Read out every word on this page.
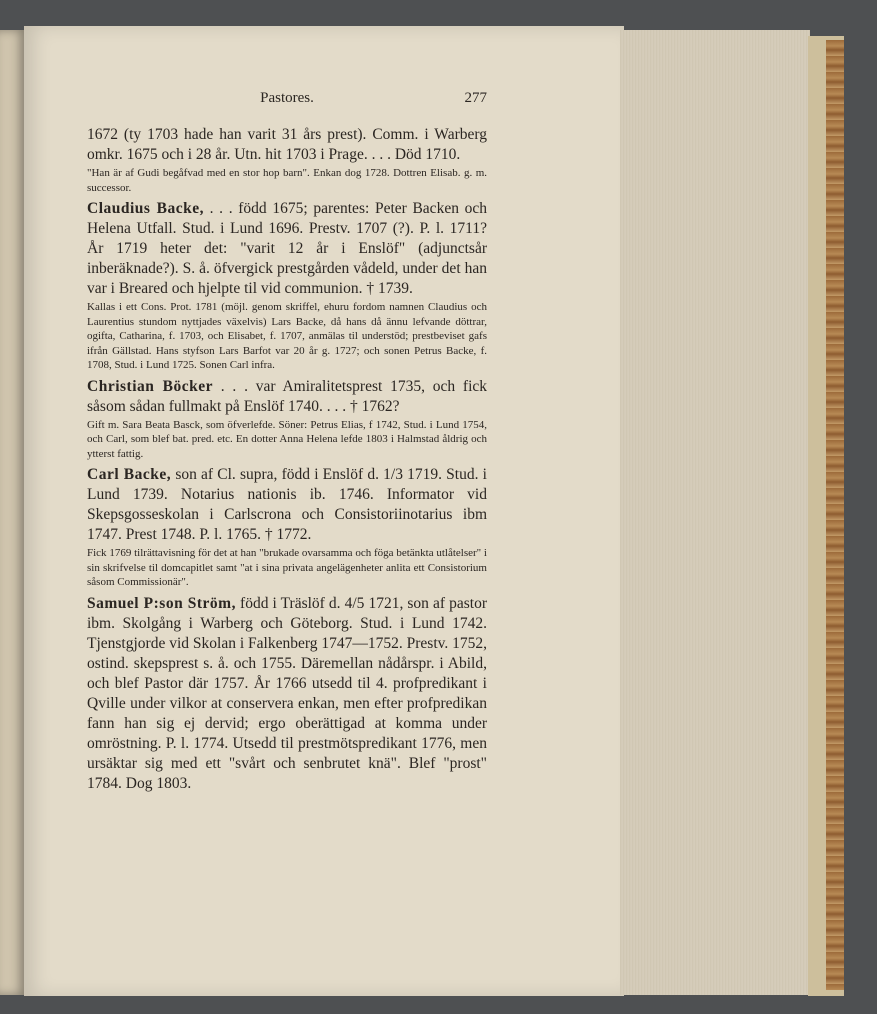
Pastores.	277

1672 (ty 1703 hade han varit 31 års prest). Comm. i Warberg omkr. 1675 och i 28 år. Utn. hit 1703 i Prage. . . . Död 1710.

"Han är af Gudi begåfvad med en stor hop barn". Enkan dog 1728. Dottren Elisab. g. m. successor.

Claudius Backe, . . . född 1675; parentes: Peter Backen och Helena Utfall. Stud. i Lund 1696. Prestv. 1707 (?). P. l. 1711? År 1719 heter det: "varit 12 år i Enslöf" (adjunctsår inberäknade?). S. å. öfvergick prestgården vådeld, under det han var i Breared och hjelpte til vid communion. † 1739.

Kallas i ett Cons. Prot. 1781 (möjl. genom skriffel, ehuru fordom namnen Claudius och Laurentius stundom nyttjades växelvis) Lars Backe, då hans då ännu lefvande döttrar, ogifta, Catharina, f. 1703, och Elisabet, f. 1707, anmälas til understöd; prestbeviset gafs ifrån Gällstad. Hans styfson Lars Barfot var 20 år g. 1727; och sonen Petrus Backe, f. 1708, Stud. i Lund 1725. Sonen Carl infra.

Christian Böcker . . . var Amiralitetsprest 1735, och fick såsom sådan fullmakt på Enslöf 1740. . . . † 1762?

Gift m. Sara Beata Basck, som öfverlefde. Söner: Petrus Elias, f 1742, Stud. i Lund 1754, och Carl, som blef bat. pred. etc. En dotter Anna Helena lefde 1803 i Halmstad åldrig och ytterst fattig.

Carl Backe, son af Cl. supra, född i Enslöf d. 1/3 1719. Stud. i Lund 1739. Notarius nationis ib. 1746. Informator vid Skepsgosseskolan i Carlscrona och Consistoriinotarius ibm 1747. Prest 1748. P. l. 1765. † 1772.

Fick 1769 tilrättavisning för det at han "brukade ovarsamma och föga betänkta utlåtelser" i sin skrifvelse til domcapitlet samt "at i sina privata angelägenheter anlita ett Consistorium såsom Commissionär".

Samuel P:son Ström, född i Träslöf d. 4/5 1721, son af pastor ibm. Skolgång i Warberg och Göteborg. Stud. i Lund 1742. Tjenstgjorde vid Skolan i Falkenberg 1747—1752. Prestv. 1752, ostind. skepsprest s. å. och 1755. Däremellan nådårspr. i Abild, och blef Pastor där 1757. År 1766 utsedd til 4. profpredikant i Qville under vilkor at conservera enkan, men efter profpredikan fann han sig ej dervid; ergo oberättigad at komma under omröstning. P. l. 1774. Utsedd til prestmötspredikant 1776, men ursäktar sig med ett "svårt och senbrutet knä". Blef "prost" 1784. Dog 1803.
